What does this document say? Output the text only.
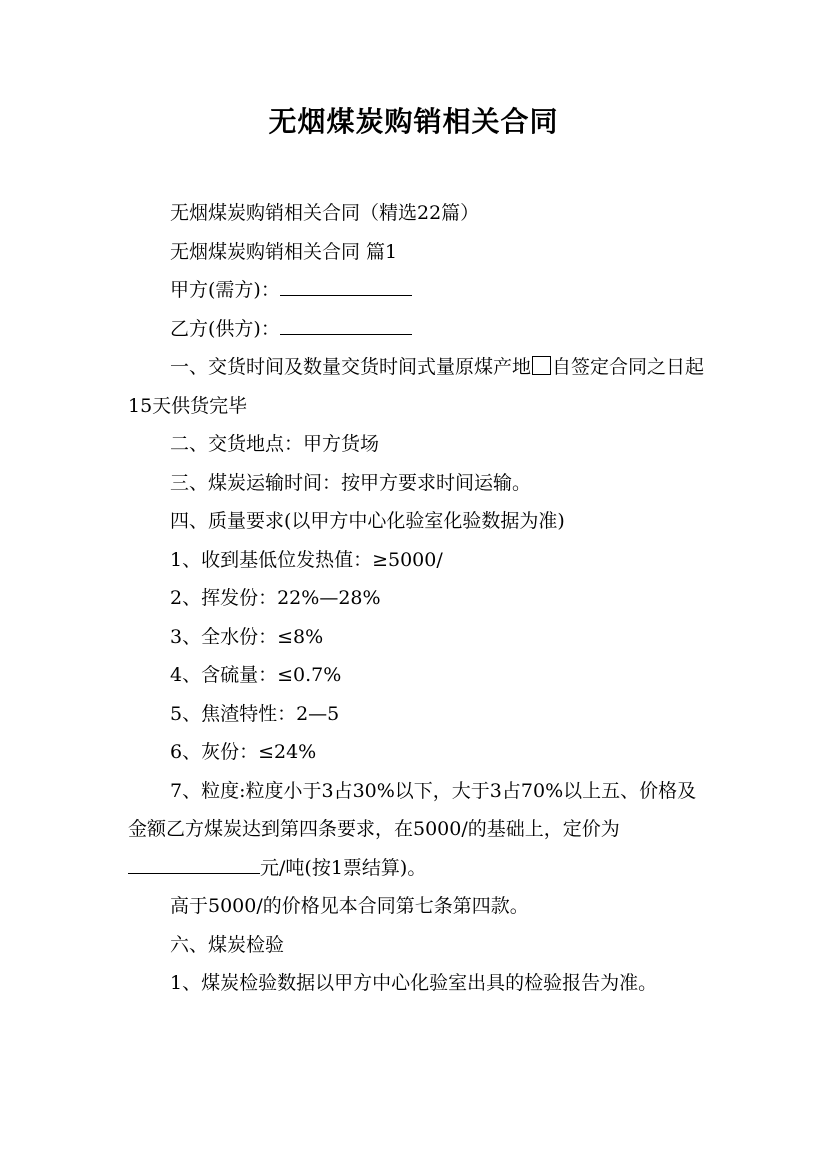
无烟煤炭购销相关合同

无烟煤炭购销相关合同（精选22篇）

无烟煤炭购销相关合同 篇1

甲方(需方)：

乙方(供方)：

一、交货时间及数量交货时间式量原煤产地 自签定合同之日起15天供货完毕

二、交货地点：甲方货场

三、煤炭运输时间：按甲方要求时间运输。

四、质量要求(以甲方中心化验室化验数据为准)

1、收到基低位发热值：≥5000/

2、挥发份：22%—28%

3、全水份：≤8%

4、含硫量：≤0.7%

5、焦渣特性：2—5

6、灰份：≤24%

7、粒度:粒度小于3占30%以下，大于3占70%以上五、价格及金额乙方煤炭达到第四条要求，在5000/的基础上，定价为元/吨(按1票结算)。

高于5000/的价格见本合同第七条第四款。

六、煤炭检验

1、煤炭检验数据以甲方中心化验室出具的检验报告为准。
